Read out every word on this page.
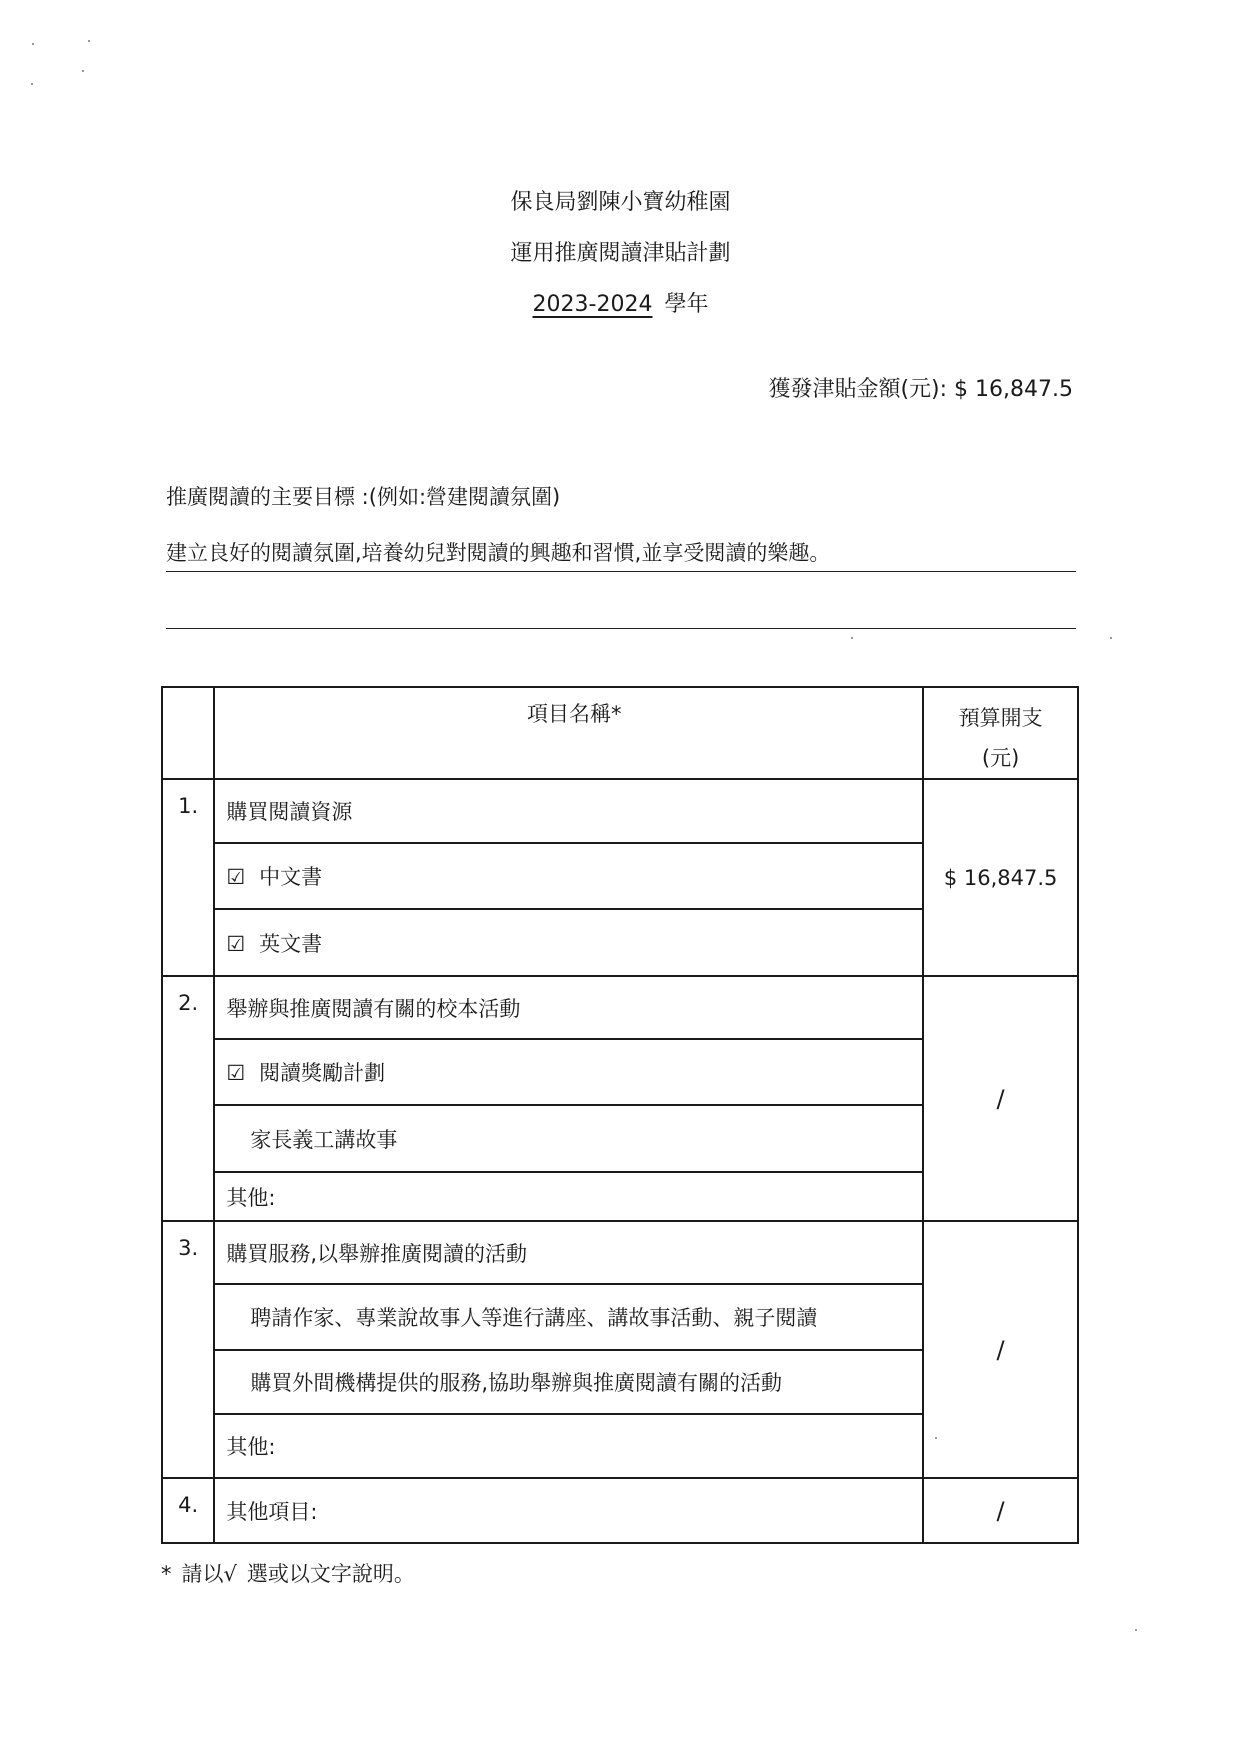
保良局劉陳小寶幼稚園
運用推廣閱讀津貼計劃
2023-2024 學年
獲發津貼金額(元): $ 16,847.5
推廣閱讀的主要目標 :(例如:營建閱讀氛圍)
建立良好的閱讀氛圍,培養幼兒對閱讀的興趣和習慣,並享受閱讀的樂趣。
	項目名稱*	預算開支
(元)

1.	購買閱讀資源	$ 16,847.5
	☑ 中文書	
	☑ 英文書	
2.	舉辦與推廣閱讀有關的校本活動	/
	☑ 閱讀獎勵計劃	
	家長義工講故事	
	其他:	
3.	購買服務,以舉辦推廣閱讀的活動	/
	聘請作家、專業說故事人等進行講座、講故事活動、親子閱讀	
	購買外間機構提供的服務,協助舉辦與推廣閱讀有關的活動	
	其他:	
4.	其他項目:	/
* 請以√ 選或以文字說明。
